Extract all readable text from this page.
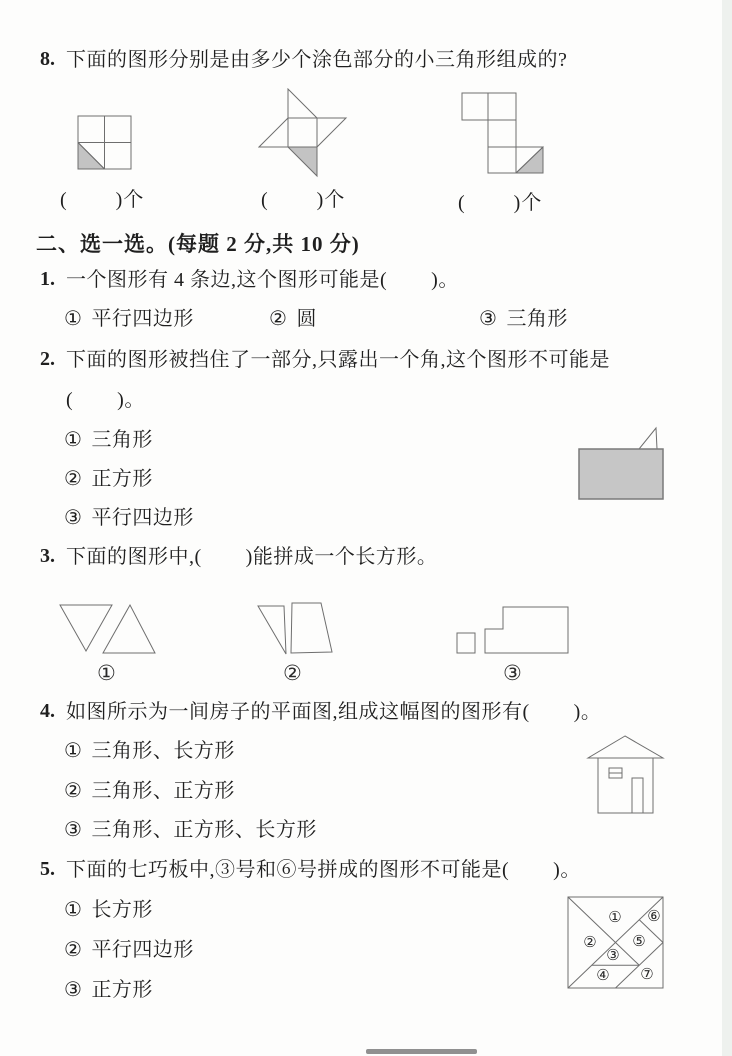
8. 下面的图形分别是由多少个涂色部分的小三角形组成的?
(        )个	(        )个	(        )个
二、选一选。(每题 2 分,共 10 分)
1. 一个图形有 4 条边,这个图形可能是(        )。
① 平行四边形	② 圆	③ 三角形
2. 下面的图形被挡住了一部分,只露出一个角,这个图形不可能是
(        )。
① 三角形
② 正方形
③ 平行四边形
3. 下面的图形中,(        )能拼成一个长方形。
①	②	③
4. 如图所示为一间房子的平面图,组成这幅图的图形有(        )。
① 三角形、长方形
② 三角形、正方形
③ 三角形、正方形、长方形
5. 下面的七巧板中,③号和⑥号拼成的图形不可能是(        )。
① 长方形
② 平行四边形
③ 正方形
①
②
③
④
⑤
⑥
⑦
